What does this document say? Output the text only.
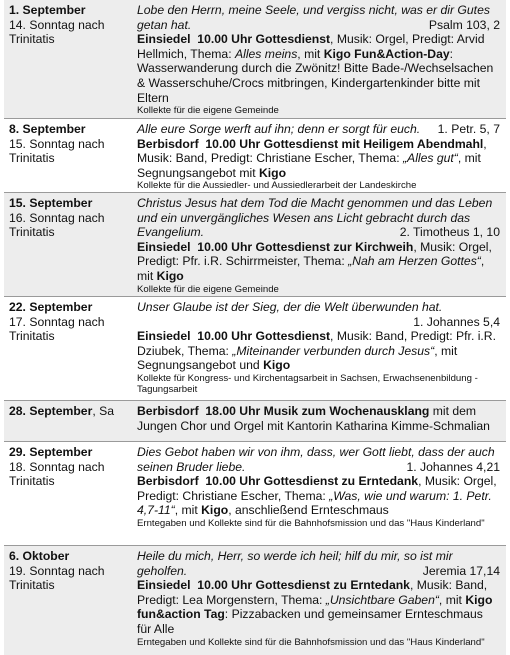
1. September
14. Sonntag nach Trinitatis
Lobe den Herrn, meine Seele, und vergiss nicht, was er dir Gutes getan hat.	Psalm 103, 2
Einsiedel 10.00 Uhr Gottesdienst, Musik: Orgel, Predigt: Arvid Hellmich, Thema: Alles meins, mit Kigo Fun&Action-Day: Wasserwanderung durch die Zwönitz! Bitte Bade-/Wechselsachen & Wasserschuhe/Crocs mitbringen, Kindergartenkinder bitte mit Eltern
Kollekte für die eigene Gemeinde
8. September
15. Sonntag nach Trinitatis
Alle eure Sorge werft auf ihn; denn er sorgt für euch. 1. Petr. 5, 7
Berbisdorf 10.00 Uhr Gottesdienst mit Heiligem Abendmahl, Musik: Band, Predigt: Christiane Escher, Thema: „Alles gut“, mit Segnungsangebot mit Kigo
Kollekte für die Aussiedler- und Aussiedlerarbeit der Landeskirche
15. September
16. Sonntag nach Trinitatis
Christus Jesus hat dem Tod die Macht genommen und das Leben und ein unvergängliches Wesen ans Licht gebracht durch das Evangelium.	2. Timotheus 1, 10
Einsiedel 10.00 Uhr Gottesdienst zur Kirchweih, Musik: Orgel, Predigt: Pfr. i.R. Schirrmeister, Thema: „Nah am Herzen Gottes“, mit Kigo
Kollekte für die eigene Gemeinde
22. September
17. Sonntag nach Trinitatis
Unser Glaube ist der Sieg, der die Welt überwunden hat.
1. Johannes 5,4
Einsiedel 10.00 Uhr Gottesdienst, Musik: Band, Predigt: Pfr. i.R. Dziubek, Thema: „Miteinander verbunden durch Jesus“, mit Segnungsangebot und Kigo
Kollekte für Kongress- und Kirchentagsarbeit in Sachsen, Erwachsenenbildung - Tagungsarbeit
28. September, Sa	Berbisdorf 18.00 Uhr Musik zum Wochenausklang mit dem Jungen Chor und Orgel mit Kantorin Katharina Kimme-Schmalian
29. September
18. Sonntag nach Trinitatis
Dies Gebot haben wir von ihm, dass, wer Gott liebt, dass der auch seinen Bruder liebe.	1. Johannes 4,21
Berbisdorf 10.00 Uhr Gottesdienst zu Erntedank, Musik: Orgel, Predigt: Christiane Escher, Thema: „Was, wie und warum: 1. Petr. 4,7-11“, mit Kigo, anschließend Ernteschmaus
Erntegaben und Kollekte sind für die Bahnhofsmission und das "Haus Kinderland"
6. Oktober
19. Sonntag nach Trinitatis
Heile du mich, Herr, so werde ich heil; hilf du mir, so ist mir geholfen.	Jeremia 17,14
Einsiedel 10.00 Uhr Gottesdienst zu Erntedank, Musik: Band, Predigt: Lea Morgenstern, Thema: „Unsichtbare Gaben“, mit Kigo fun&action Tag: Pizzabacken und gemeinsamer Ernteschmaus für Alle
Erntegaben und Kollekte sind für die Bahnhofsmission und das "Haus Kinderland"
